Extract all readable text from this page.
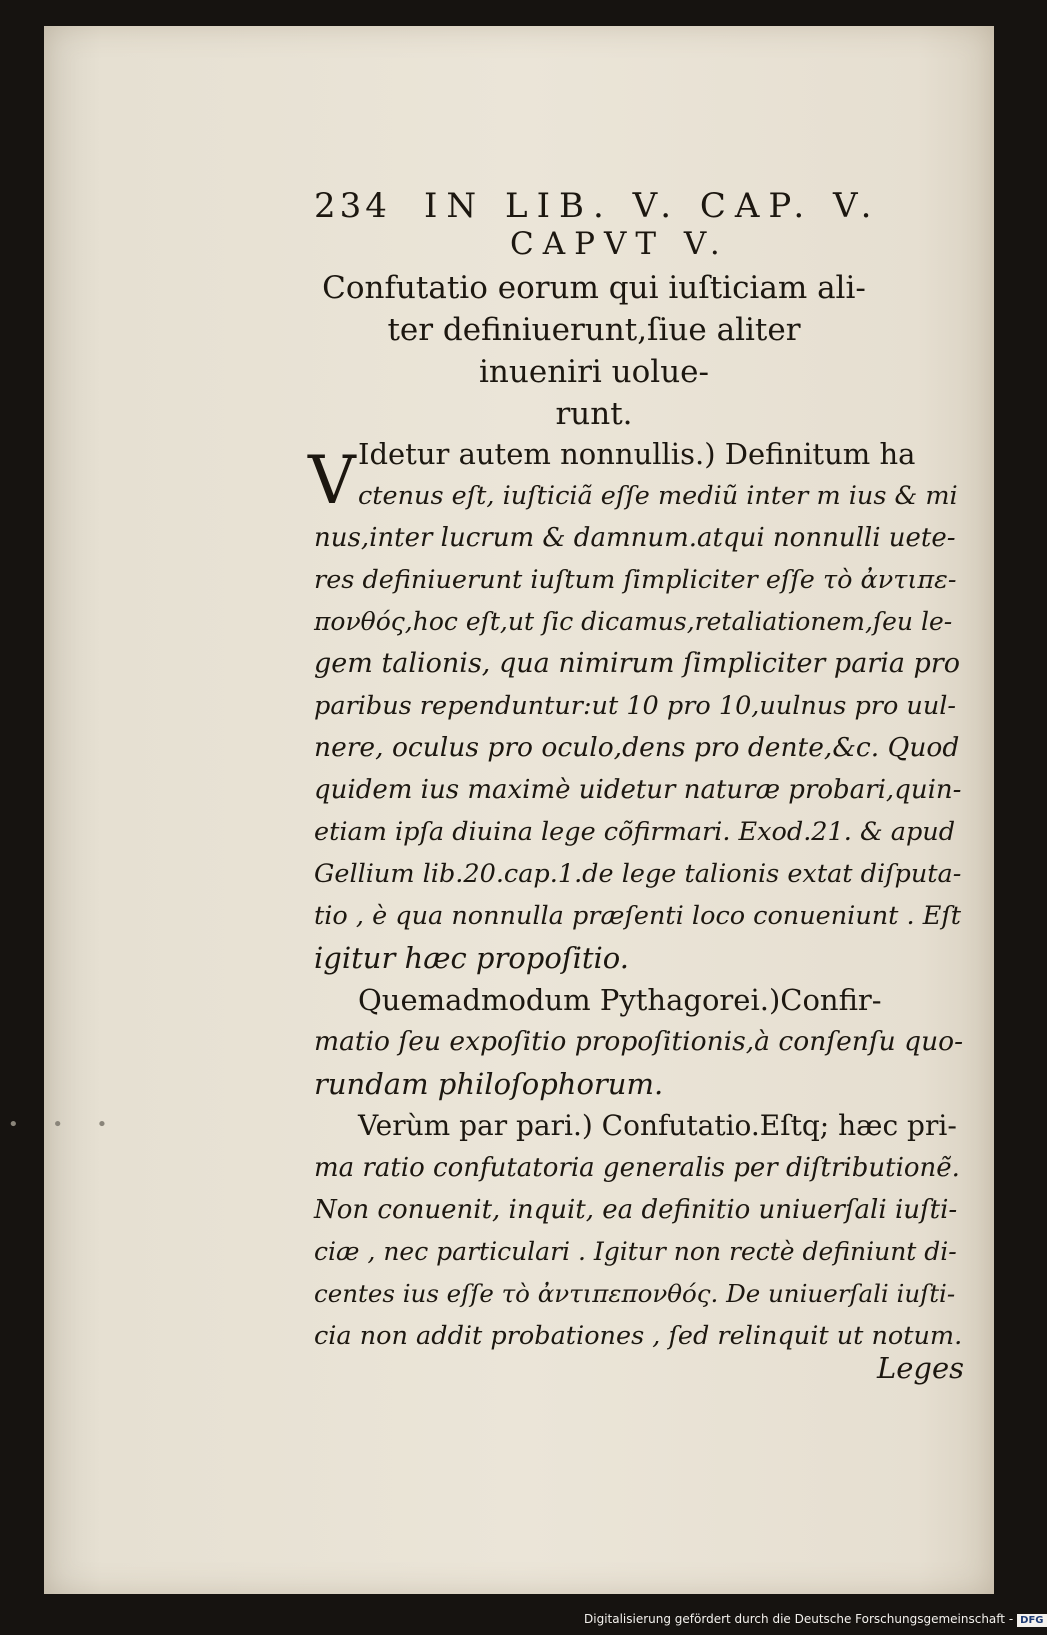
234 IN LIB. V. CAP. V.
CAPVT V.
Confutatio eorum qui iuſticiam ali-
ter definiuerunt,ſiue aliter
inueniri uolue-
runt.
V Idetur autem nonnullis.) Definitum ha
ctenus eſt, iuſticiã eſſe mediũ inter m ius & mi
nus,inter lucrum & damnum.atqui nonnulli uete-
res definiuerunt iuſtum ſimpliciter eſſe τὸ ἀντιπε-
πονθός,hoc eſt,ut ſic dicamus,retaliationem,ſeu le-
gem talionis, qua nimirum ſimpliciter paria pro
paribus rependuntur:ut 10 pro 10,uulnus pro uul-
nere, oculus pro oculo,dens pro dente,&c. Quod
quidem ius maximè uidetur naturæ probari,quin-
etiam ipſa diuina lege cõfirmari. Exod.21. & apud
Gellium lib.20.cap.1.de lege talionis extat diſputa-
tio , è qua nonnulla præſenti loco conueniunt . Eſt
igitur hæc propoſitio.
Quemadmodum Pythagorei.)Confir-
matio ſeu expoſitio propoſitionis,à conſenſu quo-
rundam philoſophorum.
Verùm par pari.) Confutatio.Eſtq; hæc pri-
ma ratio confutatoria generalis per diſtributionẽ.
Non conuenit, inquit, ea definitio uniuerſali iuſti-
ciæ , nec particulari . Igitur non rectè definiunt di-
centes ius eſſe τὸ ἀντιπεπονθός. De uniuerſali iuſti-
cia non addit probationes , ſed relinquit ut notum.
Leges
• • •
Digitalisierung gefördert durch die Deutsche Forschungsgemeinschaft - DFG
